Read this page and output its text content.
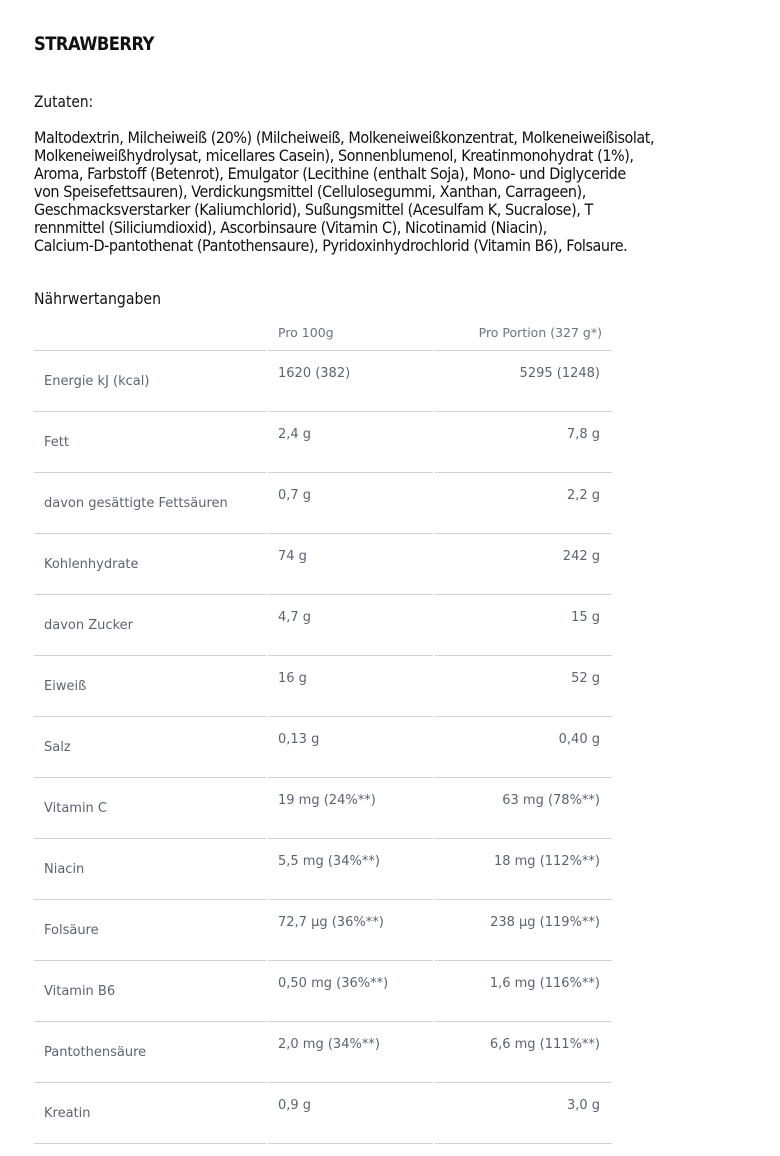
STRAWBERRY
Zutaten:
Maltodextrin, Milcheiweiß (20%) (Milcheiweiß, Molkeneiweißkonzentrat, Molkeneiweißisolat,
Molkeneiweißhydrolysat, micellares Casein), Sonnenblumenol, Kreatinmonohydrat (1%),
Aroma, Farbstoff (Betenrot), Emulgator (Lecithine (enthalt Soja), Mono- und Diglyceride
von Speisefettsauren), Verdickungsmittel (Cellulosegummi, Xanthan, Carrageen),
Geschmacksverstarker (Kaliumchlorid), Sußungsmittel (Acesulfam K, Sucralose), T
rennmittel (Siliciumdioxid), Ascorbinsaure (Vitamin C), Nicotinamid (Niacin),
Calcium-D-pantothenat (Pantothensaure), Pyridoxinhydrochlorid (Vitamin B6), Folsaure.
Nährwertangaben
		Pro 100g		Pro Portion (327 g*)
Energie kJ (kcal)		1620 (382)		5295 (1248)
Fett		2,4 g		7,8 g
davon gesättigte Fettsäuren		0,7 g		2,2 g
Kohlenhydrate		74 g		242 g
davon Zucker		4,7 g		15 g
Eiweiß		16 g		52 g
Salz		0,13 g		0,40 g
Vitamin C		19 mg (24%**)		63 mg (78%**)
Niacin		5,5 mg (34%**)		18 mg (112%**)
Folsäure		72,7 µg (36%**)		238 µg (119%**)
Vitamin B6		0,50 mg (36%**)		1,6 mg (116%**)
Pantothensäure		2,0 mg (34%**)		6,6 mg (111%**)
Kreatin		0,9 g		3,0 g
